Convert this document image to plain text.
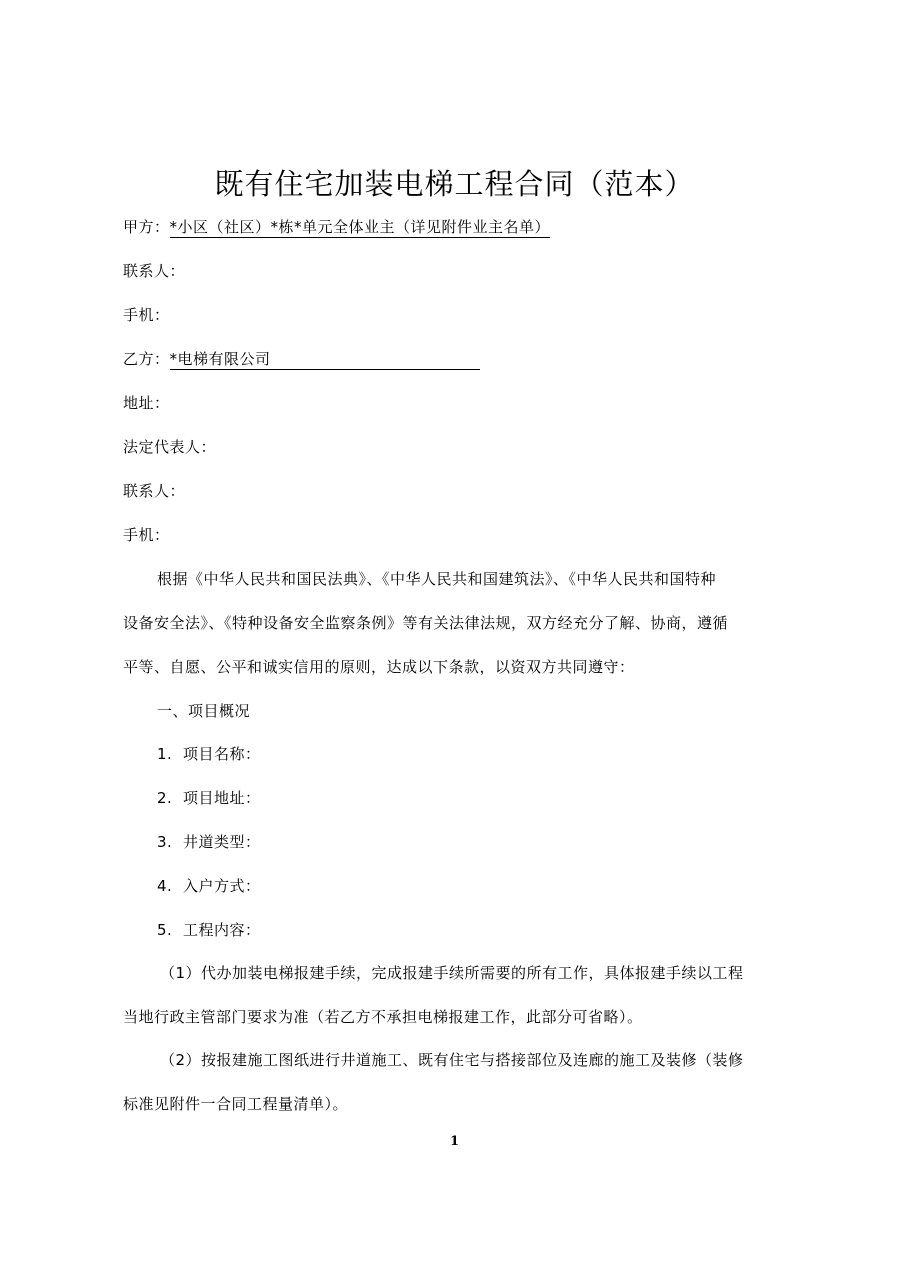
既有住宅加装电梯工程合同（范本）
甲方：*小区（社区）*栋*单元全体业主（详见附件业主名单）
联系人：
手机：
乙方：*电梯有限公司
地址：
法定代表人：
联系人：
手机：
根据《中华人民共和国民法典》、《中华人民共和国建筑法》、《中华人民共和国特种
设备安全法》、《特种设备安全监察条例》等有关法律法规，双方经充分了解、协商，遵循
平等、自愿、公平和诚实信用的原则，达成以下条款，以资双方共同遵守：
一、项目概况
1. 项目名称：
2. 项目地址：
3. 井道类型：
4. 入户方式：
5. 工程内容：
（1）代办加装电梯报建手续，完成报建手续所需要的所有工作，具体报建手续以工程
当地行政主管部门要求为准（若乙方不承担电梯报建工作，此部分可省略）。
（2）按报建施工图纸进行井道施工、既有住宅与搭接部位及连廊的施工及装修（装修
标准见附件一合同工程量清单）。
1
